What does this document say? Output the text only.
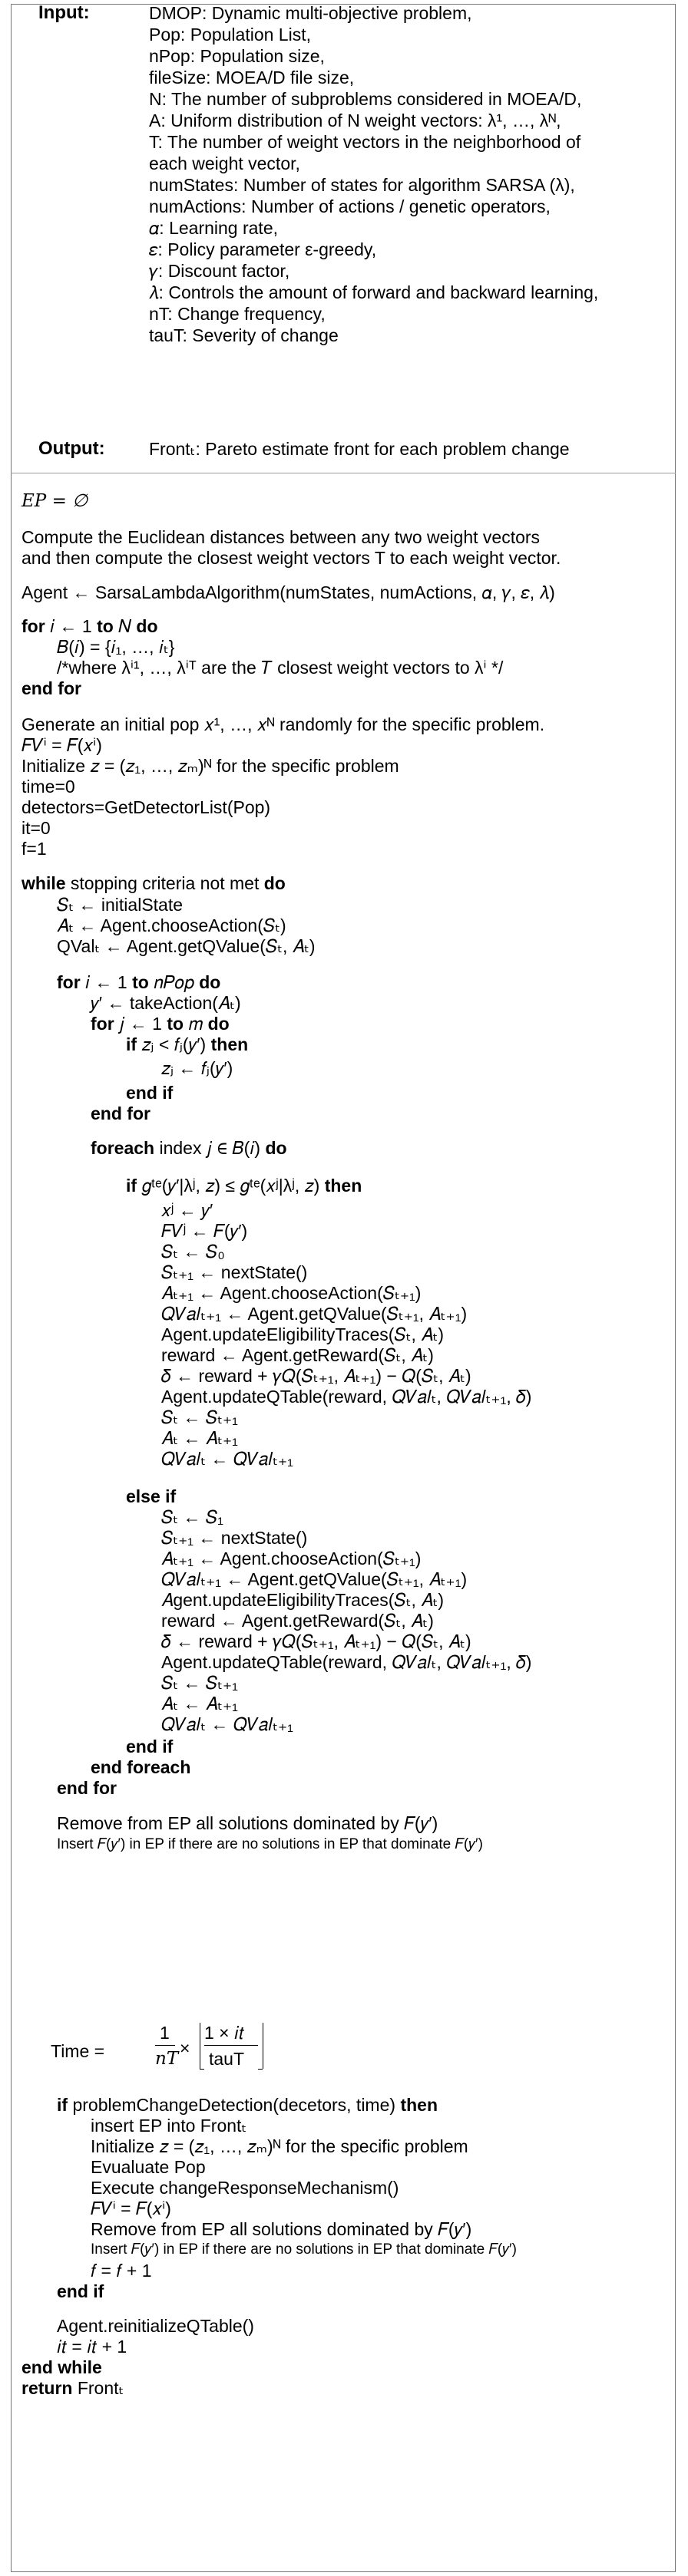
Input:	DMOP: Dynamic multi-objective problem,
Pop: Population List,
nPop: Population size,
fileSize: MOEA/D file size,
N: The number of subproblems considered in MOEA/D,
A: Uniform distribution of N weight vectors: λ¹, …, λᴺ,
T: The number of weight vectors in the neighborhood of
each weight vector,
numStates: Number of states for algorithm SARSA (λ),
numActions: Number of actions / genetic operators,
𝛼: Learning rate,
𝜀: Policy parameter ε-greedy,
𝛾: Discount factor,
𝜆: Controls the amount of forward and backward learning,
nT: Change frequency,
tauT: Severity of change
Output: Frontₜ: Pareto estimate front for each problem change
EP = ∅
Compute the Euclidean distances between any two weight vectors
and then compute the closest weight vectors T to each weight vector.
Agent ← SarsaLambdaAlgorithm(numStates, numActions, 𝛼, 𝛾, 𝜀, 𝜆)
for 𝑖 ← 1 to 𝑁 do
𝐵(𝑖) = {𝑖₁, …, 𝑖ₜ}
/*where λⁱ¹, …, λⁱᵀ are the 𝑇 closest weight vectors to λⁱ */
end for
Generate an initial pop 𝑥¹, …, 𝑥ᴺ randomly for the specific problem.
𝐹𝑉ⁱ = 𝐹(𝑥ⁱ)
Initialize 𝑧 = (𝑧₁, …, 𝑧ₘ)ᴺ for the specific problem
time=0
detectors=GetDetectorList(Pop)
it=0
f=1
while stopping criteria not met do
𝑆ₜ ← initialState
𝐴ₜ ← Agent.chooseAction(𝑆ₜ)
QValₜ ← Agent.getQValue(𝑆ₜ, 𝐴ₜ)
for 𝑖 ← 1 to 𝑛𝑃𝑜𝑝 do
𝑦′ ← takeAction(𝐴ₜ)
for 𝑗 ← 1 to 𝑚 do
if 𝑧ⱼ < 𝑓ⱼ(𝑦′) then
𝑧ⱼ ← 𝑓ⱼ(𝑦′)
end if
end for
foreach index 𝑗 ∈ 𝐵(𝑖) do
if 𝑔ᵗᵉ(𝑦′|λʲ, 𝑧) ≤ 𝑔ᵗᵉ(𝑥ʲ|λʲ, 𝑧) then
𝑥ʲ ← 𝑦′
𝐹𝑉ʲ ← 𝐹(𝑦′)
𝑆ₜ ← 𝑆₀
𝑆ₜ₊₁ ← nextState()
𝐴ₜ₊₁ ← Agent.chooseAction(𝑆ₜ₊₁)
𝑄𝑉𝑎𝑙ₜ₊₁ ← Agent.getQValue(𝑆ₜ₊₁, 𝐴ₜ₊₁)
Agent.updateEligibilityTraces(𝑆ₜ, 𝐴ₜ)
reward ← Agent.getReward(𝑆ₜ, 𝐴ₜ)
𝛿 ← reward + 𝛾𝑄(𝑆ₜ₊₁, 𝐴ₜ₊₁) − 𝑄(𝑆ₜ, 𝐴ₜ)
Agent.updateQTable(reward, 𝑄𝑉𝑎𝑙ₜ, 𝑄𝑉𝑎𝑙ₜ₊₁, 𝛿)
𝑆ₜ ← 𝑆ₜ₊₁
𝐴ₜ ← 𝐴ₜ₊₁
𝑄𝑉𝑎𝑙ₜ ← 𝑄𝑉𝑎𝑙ₜ₊₁
else if
𝑆ₜ ← 𝑆₁
𝑆ₜ₊₁ ← nextState()
𝐴ₜ₊₁ ← Agent.chooseAction(𝑆ₜ₊₁)
𝑄𝑉𝑎𝑙ₜ₊₁ ← Agent.getQValue(𝑆ₜ₊₁, 𝐴ₜ₊₁)
𝐴gent.updateEligibilityTraces(𝑆ₜ, 𝐴ₜ)
reward ← Agent.getReward(𝑆ₜ, 𝐴ₜ)
𝛿 ← reward + 𝛾𝑄(𝑆ₜ₊₁, 𝐴ₜ₊₁) − 𝑄(𝑆ₜ, 𝐴ₜ)
Agent.updateQTable(reward, 𝑄𝑉𝑎𝑙ₜ, 𝑄𝑉𝑎𝑙ₜ₊₁, 𝛿)
𝑆ₜ ← 𝑆ₜ₊₁
𝐴ₜ ← 𝐴ₜ₊₁
𝑄𝑉𝑎𝑙ₜ ← 𝑄𝑉𝑎𝑙ₜ₊₁
end if
end foreach
end for
Remove from EP all solutions dominated by 𝐹(𝑦′)
Insert 𝐹(𝑦′) in EP if there are no solutions in EP that dominate 𝐹(𝑦′)
if problemChangeDetection(decetors, time) then
insert EP into Frontₜ
Initialize 𝑧 = (𝑧₁, …, 𝑧ₘ)ᴺ for the specific problem
Evualuate Pop
Execute changeResponseMechanism()
𝐹𝑉ⁱ = 𝐹(𝑥ⁱ)
Remove from EP all solutions dominated by 𝐹(𝑦′)
Insert 𝐹(𝑦′) in EP if there are no solutions in EP that dominate 𝐹(𝑦′)
𝑓 = 𝑓 + 1
end if
Agent.reinitializeQTable()
𝑖𝑡 = 𝑖𝑡 + 1
end while
return Frontₜ
Time =
1
𝑛𝑇
×
1 × 𝑖𝑡
tauT
